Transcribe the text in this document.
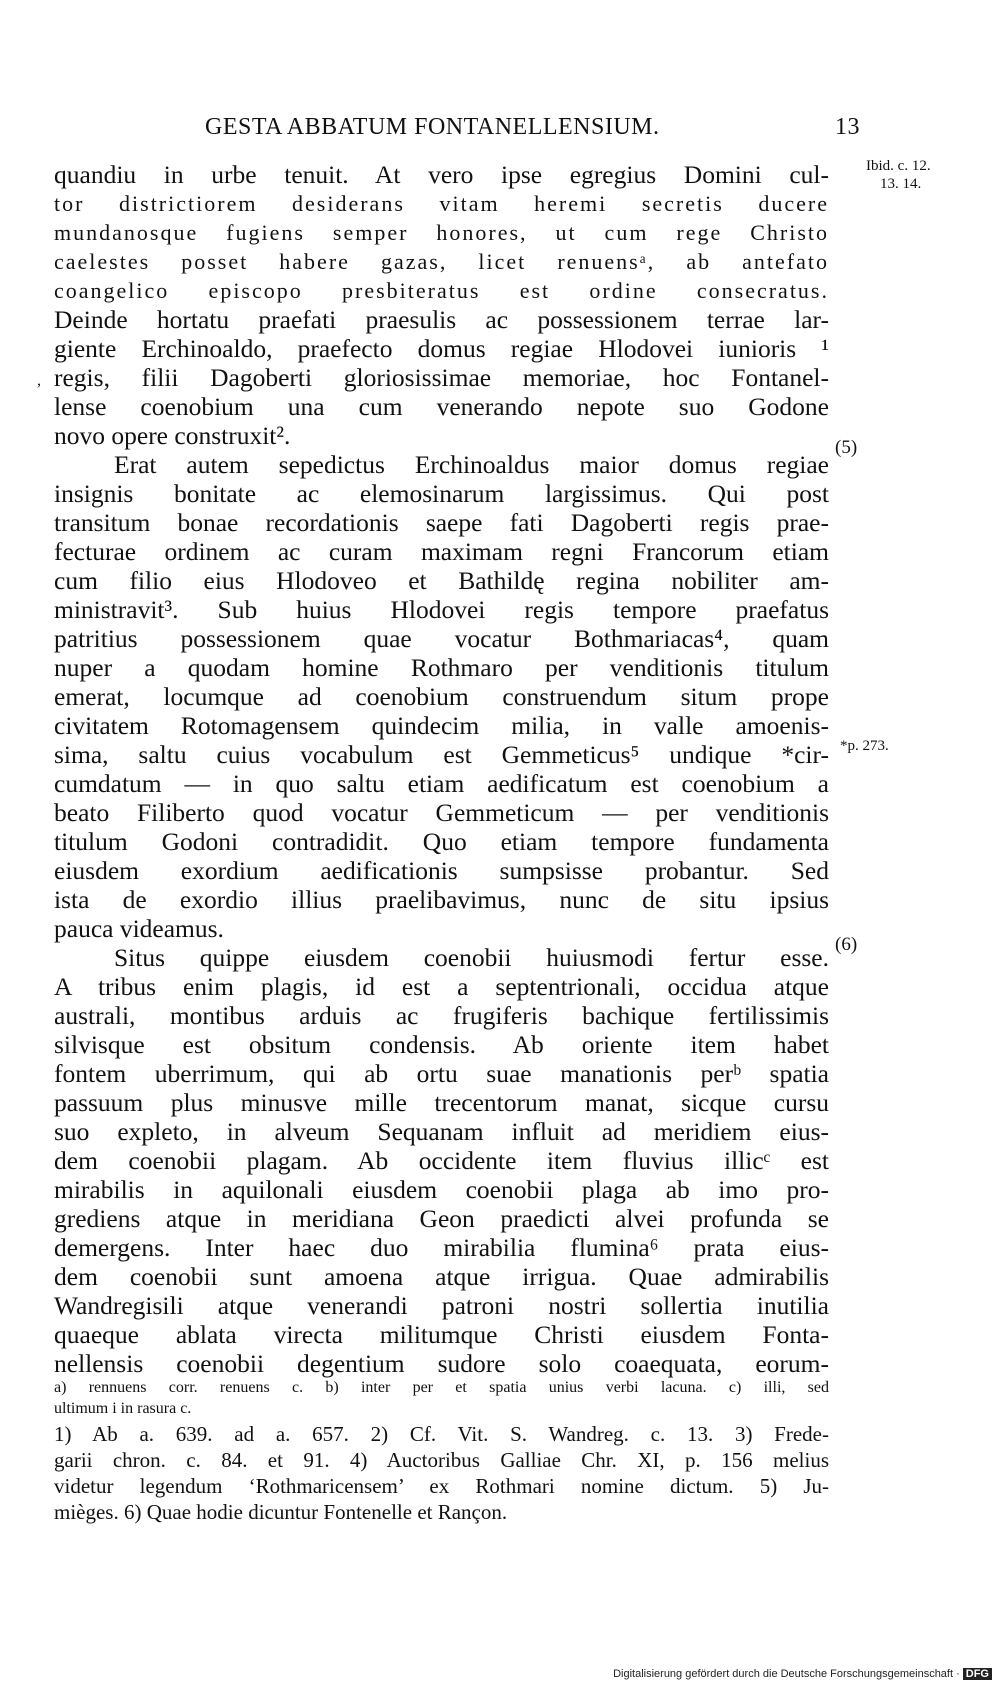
GESTA ABBATUM FONTANELLENSIUM.	13
Ibid. c. 12.
13. 14.
(5)
(6)
*p. 273.
quandiu in urbe tenuit. At vero ipse egregius Domini cul-
tor districtiorem desiderans vitam heremi secretis ducere
mundanosque fugiens semper honores, ut cum rege Christo
caelestes posset habere gazas, licet renuensᵃ, ab antefato
coangelico episcopo presbiteratus est ordine consecratus.
Deinde hortatu praefati praesulis ac possessionem terrae lar-
giente Erchinoaldo, praefecto domus regiae Hlodovei iunioris ¹
regis, filii Dagoberti gloriosissimae memoriae, hoc Fontanel-
lense coenobium una cum venerando nepote suo Godone
novo opere construxit².
Erat autem sepedictus Erchinoaldus maior domus regiae
insignis bonitate ac elemosinarum largissimus. Qui post
transitum bonae recordationis saepe fati Dagoberti regis prae-
fecturae ordinem ac curam maximam regni Francorum etiam
cum filio eius Hlodoveo et Bathildę regina nobiliter am-
ministravit³. Sub huius Hlodovei regis tempore praefatus
patritius possessionem quae vocatur Bothmariacas⁴, quam
nuper a quodam homine Rothmaro per venditionis titulum
emerat, locumque ad coenobium construendum situm prope
civitatem Rotomagensem quindecim milia, in valle amoenis-
sima, saltu cuius vocabulum est Gemmeticus⁵ undique *cir-
cumdatum — in quo saltu etiam aedificatum est coenobium a
beato Filiberto quod vocatur Gemmeticum — per venditionis
titulum Godoni contradidit. Quo etiam tempore fundamenta
eiusdem exordium aedificationis sumpsisse probantur. Sed
ista de exordio illius praelibavimus, nunc de situ ipsius
pauca videamus.
Situs quippe eiusdem coenobii huiusmodi fertur esse.
A tribus enim plagis, id est a septentrionali, occidua atque
australi, montibus arduis ac frugiferis bachique fertilissimis
silvisque est obsitum condensis. Ab oriente item habet
fontem uberrimum, qui ab ortu suae manationis perᵇ spatia
passuum plus minusve mille trecentorum manat, sicque cursu
suo expleto, in alveum Sequanam influit ad meridiem eius-
dem coenobii plagam. Ab occidente item fluvius illicᶜ est
mirabilis in aquilonali eiusdem coenobii plaga ab imo pro-
grediens atque in meridiana Geon praedicti alvei profunda se
demergens. Inter haec duo mirabilia flumina⁶ prata eius-
dem coenobii sunt amoena atque irrigua. Quae admirabilis
Wandregisili atque venerandi patroni nostri sollertia inutilia
quaeque ablata virecta militumque Christi eiusdem Fonta-
nellensis coenobii degentium sudore solo coaequata, eorum-
,
a) rennuens corr. renuens c. b) inter per et spatia unius verbi lacuna. c) illi, sed
ultimum i in rasura c.
1) Ab a. 639. ad a. 657. 2) Cf. Vit. S. Wandreg. c. 13. 3) Frede-
garii chron. c. 84. et 91. 4) Auctoribus Galliae Chr. XI, p. 156 melius
videtur legendum ‘Rothmaricensem’ ex Rothmari nomine dictum. 5) Ju-
mièges. 6) Quae hodie dicuntur Fontenelle et Rançon.
Digitalisierung gefördert durch die Deutsche Forschungsgemeinschaft · DFG
